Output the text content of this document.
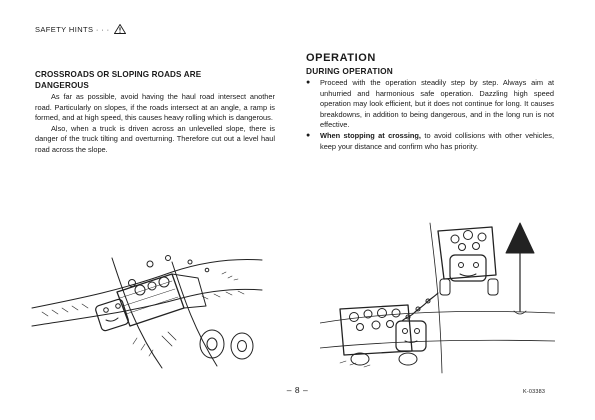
SAFETY HINTS · · ·
CROSSROADS OR SLOPING ROADS ARE
DANGEROUS

As far as possible, avoid having the haul road intersect another road. Particularly on slopes, if the roads intersect at an angle, a ramp is formed, and at high speed, this causes heavy rolling which is dangerous.

Also, when a truck is driven across an unlevelled slope, there is danger of the truck tilting and overturning. Therefore cut out a level haul road across the slope.

OPERATION
DURING OPERATION
● Proceed with the operation steadily step by step. Always aim at unhurried and harmonious safe operation. Dazzling high speed operation may look efficient, but it does not continue for long. It causes breakdowns, in addition to being dangerous, and in the long run is not effective.
● When stopping at crossing, to avoid collisions with other vehicles, keep your distance and confirm who has priority.
– 8 –	K-03383
